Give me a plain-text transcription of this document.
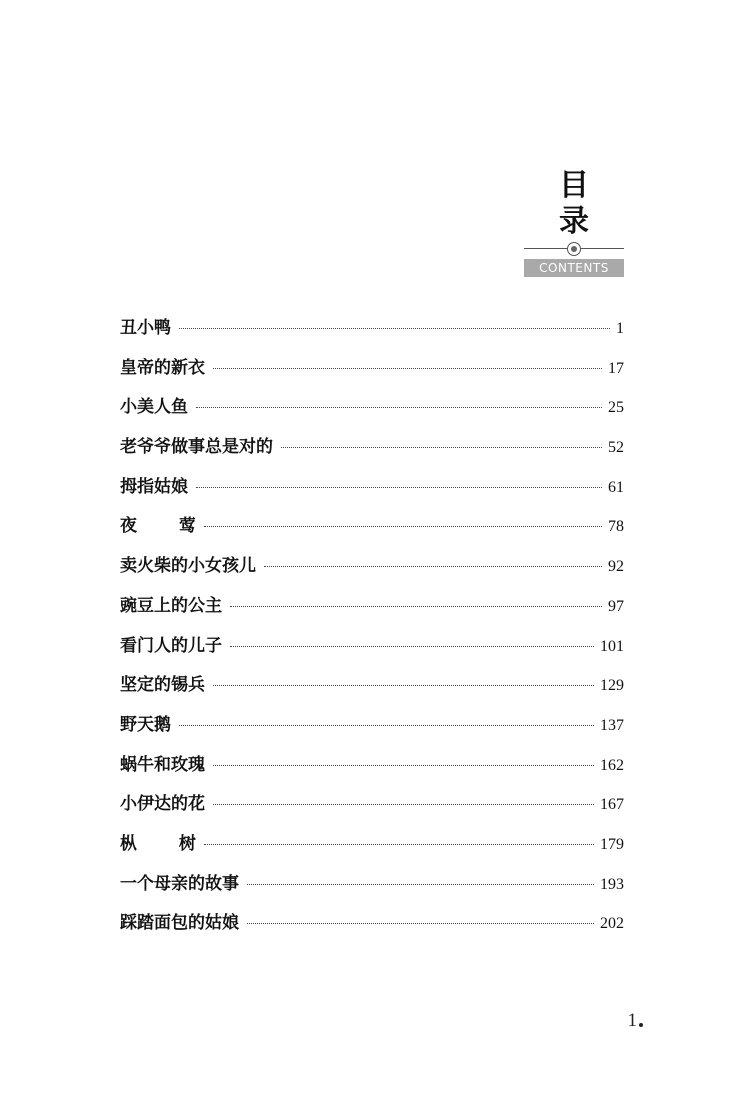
目 录
CONTENTS
丑小鸭	1
皇帝的新衣	17
小美人鱼	25
老爷爷做事总是对的	52
拇指姑娘	61
夜 莺	78
卖火柴的小女孩儿	92
豌豆上的公主	97
看门人的儿子	101
坚定的锡兵	129
野天鹅	137
蜗牛和玫瑰	162
小伊达的花	167
枞 树	179
一个母亲的故事	193
踩踏面包的姑娘	202
1
